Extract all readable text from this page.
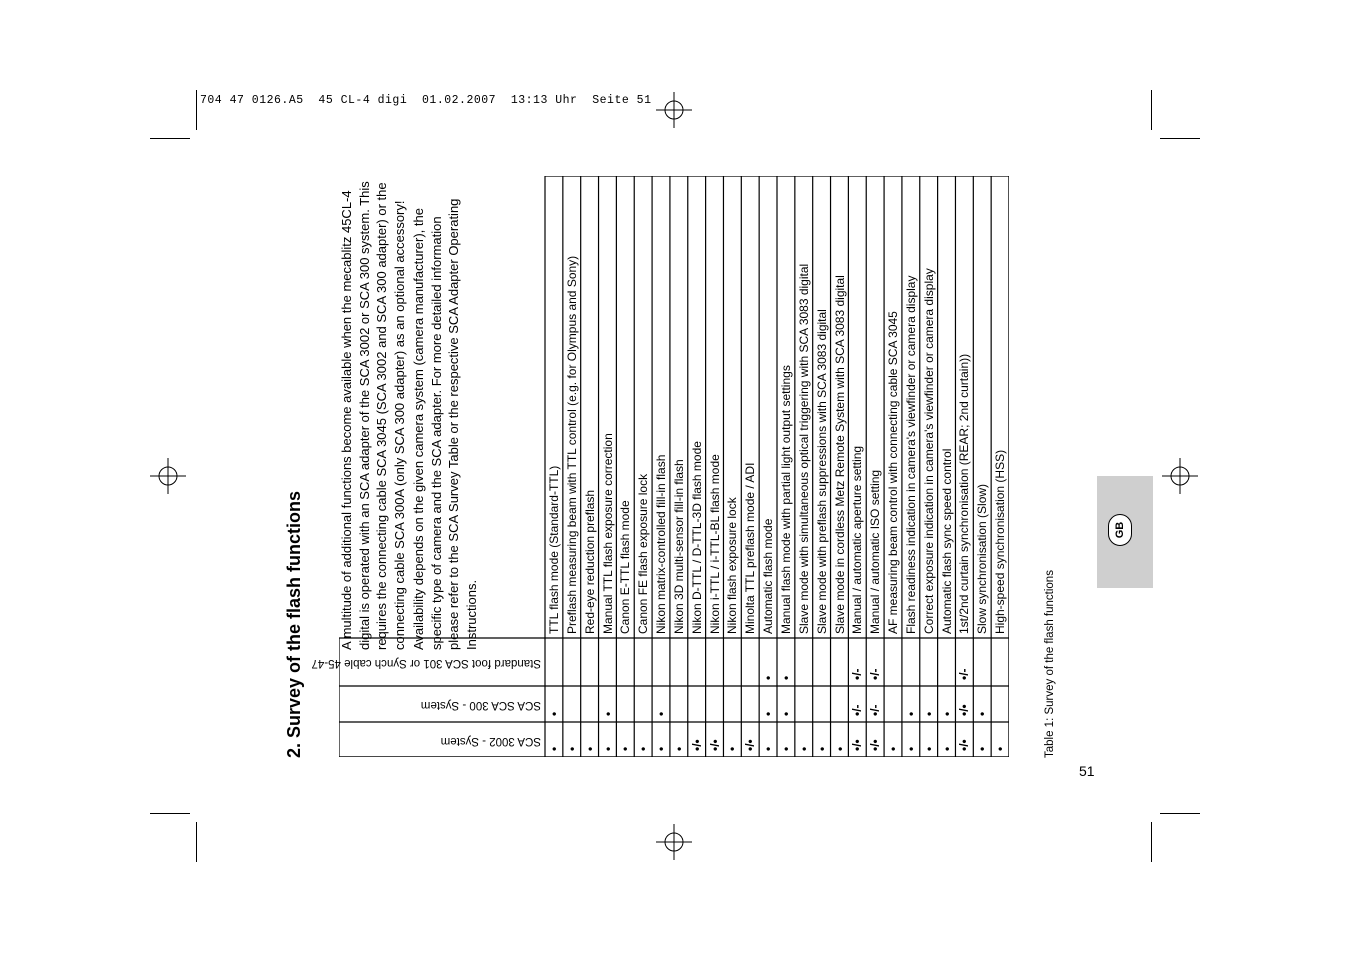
704 47 0126.A5  45 CL-4 digi  01.02.2007  13:13 Uhr  Seite 51
GB
2. Survey of the flash functions	A multitude of additional functions become available when the mecablitz 45CL-4 digital is operated with an SCA adapter of the SCA 3002 or SCA 300 system. This requires the connecting cable SCA 3045 (SCA 3002 and SCA 300 adapter) or the connecting cable SCA 300A (only SCA 300 adapter) as an optional accessory! Availability depends on the given camera system (camera manufacturer), the specific type of camera and the SCA adapter. For more detailed information please refer to the SCA Survey Table or the respective SCA Adapter Operating Instructions.

Standard foot SCA 301 or Synch cable 45-47
SCA SCA 300 - System
SCA 3002 - System
TTL flash mode (Standard-TTL)
•
•
Preflash measuring beam with TTL control (e.g. for Olympus and Sony)
•
Red-eye reduction preflash
•
Manual TTL flash exposure correction
•
•
Canon E-TTL flash mode
•
Canon FE flash exposure lock
•
Nikon matrix-controlled fill-in flash
•
•
Nikon 3D multi-sensor fill-in flash
•
Nikon D-TTL / D-TTL-3D flash mode
•/•
Nikon i-TTL / i-TTL-BL flash mode
•/•
Nikon flash exposure lock
•
Minolta TTL preflash mode / ADI
•/•
Automatic flash mode
•
•
•
Manual flash mode with partial light output settings
•
•
•
Slave mode with simultaneous optical triggering with SCA 3083 digital
•
Slave mode with preflash suppressions with SCA 3083 digital
•
Slave mode in cordless Metz Remote System with SCA 3083 digital
•
Manual / automatic aperture setting
•/-
•/-
•/•
Manual / automatic ISO setting
•/-
•/-
•/•
AF measuring beam control with connecting cable SCA 3045
•
Flash readiness indication in camera's viewfinder or camera display
•
•
Correct exposure indication in camera's viewfinder or camera display
•
•
Automatic flash sync speed control
•
•
1st/2nd curtain synchronisation (REAR; 2nd curtain))
•/-
•/•
•/•
Slow synchronisation (Slow)
•
•
High-speed synchronisation (HSS)
•	Table 1: Survey of the flash functions
51
